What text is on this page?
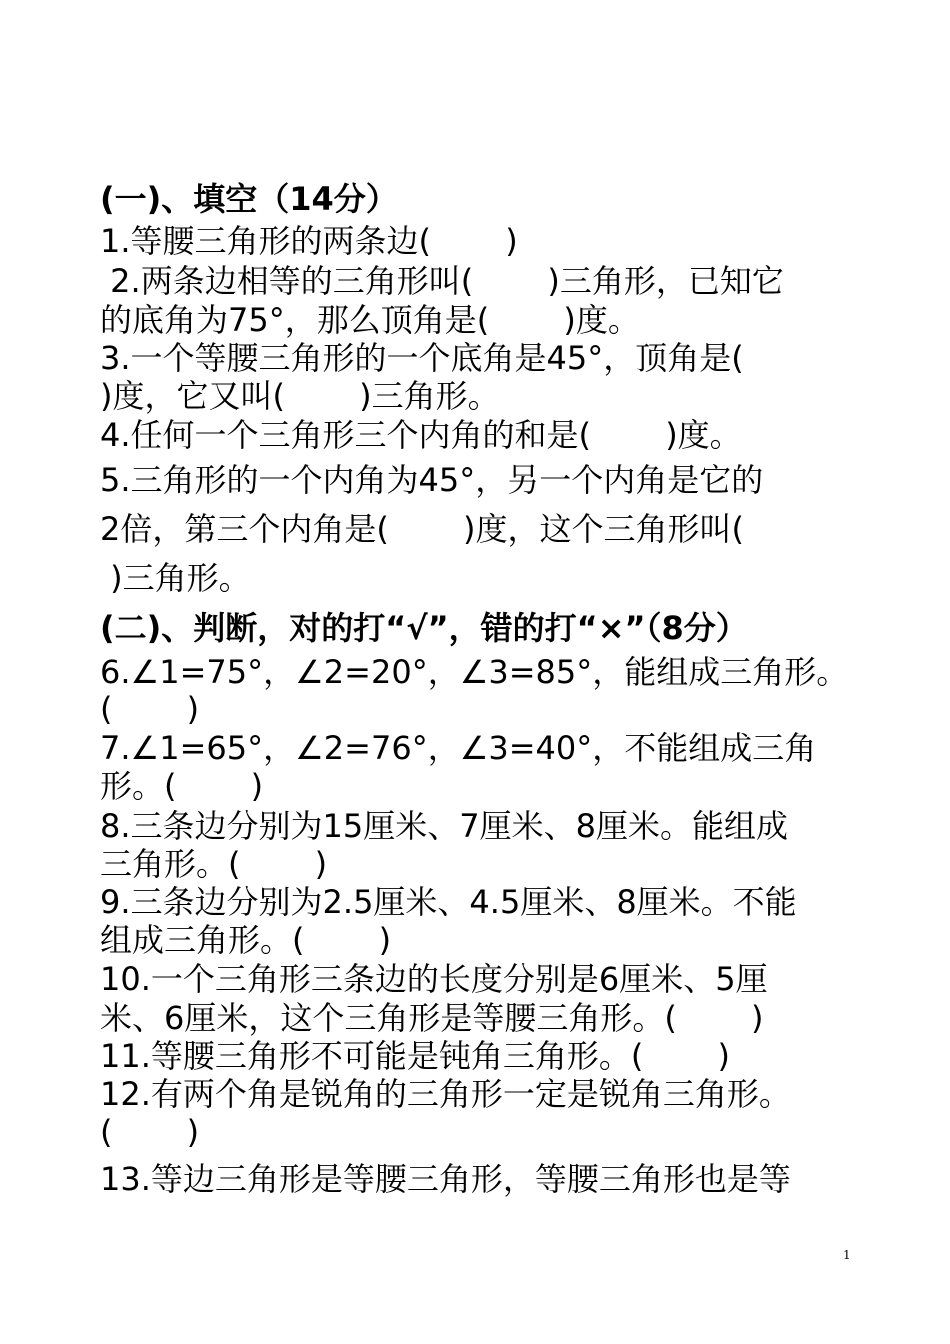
(一)、填空（14分）
1.等腰三角形的两条边(　　 )
2.两条边相等的三角形叫(　　 )三角形，已知它
的底角为75°，那么顶角是(　　 )度。
3.一个等腰三角形的一个底角是45°，顶角是(
)度，它又叫(　　 )三角形。
4.任何一个三角形三个内角的和是(　　 )度。
5.三角形的一个内角为45°，另一个内角是它的
2倍，第三个内角是(　　 )度，这个三角形叫(
)三角形。
(二)、判断，对的打“√”，错的打“×”（8分）
6.∠1=75°，∠2=20°，∠3=85°，能组成三角形。
(　　 )
7.∠1=65°，∠2=76°，∠3=40°，不能组成三角
形。(　　 )
8.三条边分别为15厘米、7厘米、8厘米。能组成
三角形。(　　 )
9.三条边分别为2.5厘米、4.5厘米、8厘米。不能
组成三角形。(　　 )
10.一个三角形三条边的长度分别是6厘米、5厘
米、6厘米，这个三角形是等腰三角形。(　　 )
11.等腰三角形不可能是钝角三角形。(　　 )
12.有两个角是锐角的三角形一定是锐角三角形。
(　　 )
13.等边三角形是等腰三角形，等腰三角形也是等
1
